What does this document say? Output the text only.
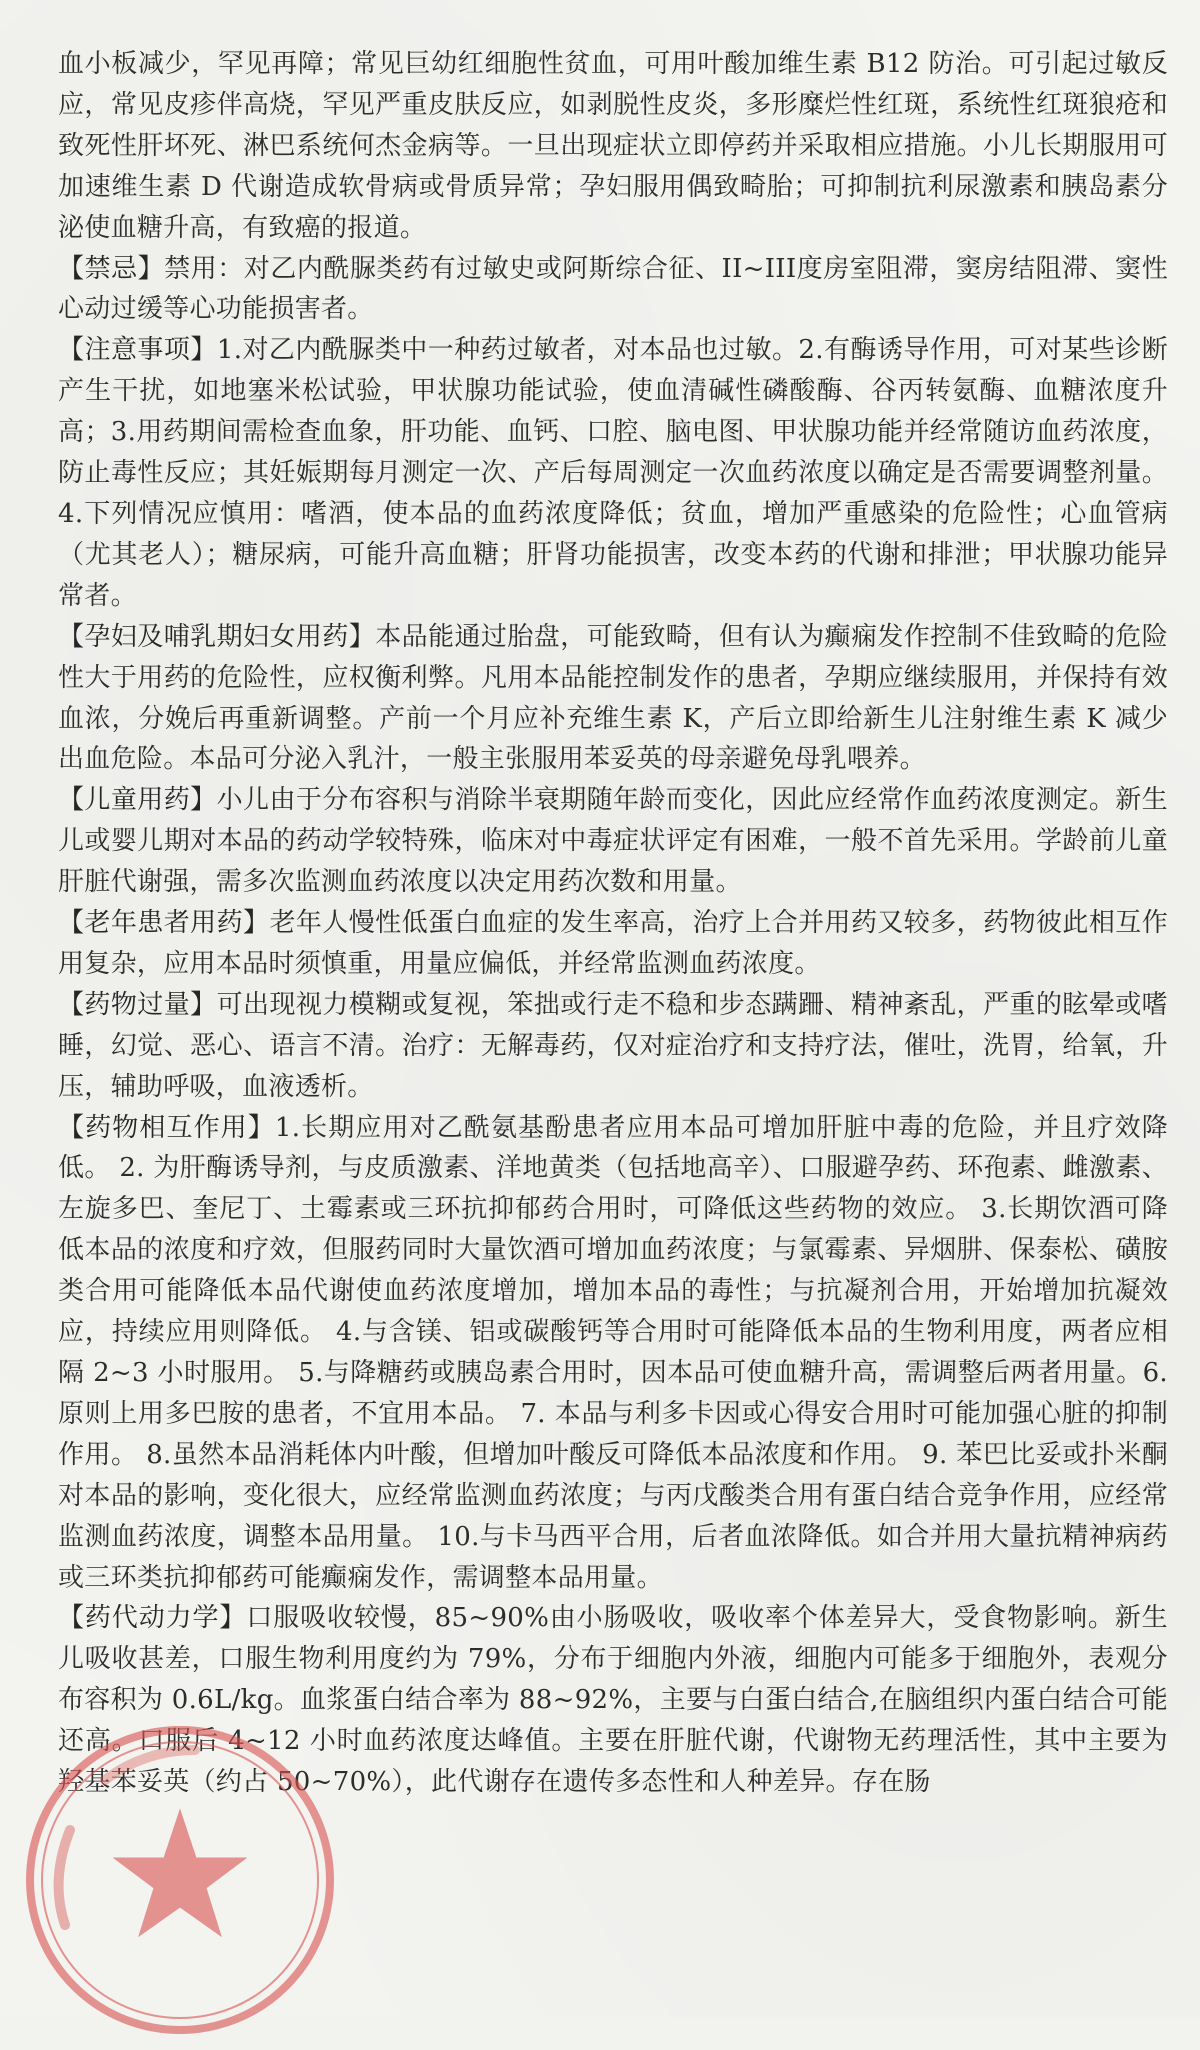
血小板减少，罕见再障；常见巨幼红细胞性贫血，可用叶酸加维生素 B12 防治。可引起过敏反应，常见皮疹伴高烧，罕见严重皮肤反应，如剥脱性皮炎，多形糜烂性红斑，系统性红斑狼疮和致死性肝坏死、淋巴系统何杰金病等。一旦出现症状立即停药并采取相应措施。小儿长期服用可加速维生素 D 代谢造成软骨病或骨质异常；孕妇服用偶致畸胎；可抑制抗利尿激素和胰岛素分泌使血糖升高，有致癌的报道。

【禁忌】禁用：对乙内酰脲类药有过敏史或阿斯综合征、II~III度房室阻滞，窦房结阻滞、窦性心动过缓等心功能损害者。

【注意事项】1.对乙内酰脲类中一种药过敏者，对本品也过敏。2.有酶诱导作用，可对某些诊断产生干扰，如地塞米松试验，甲状腺功能试验，使血清碱性磷酸酶、谷丙转氨酶、血糖浓度升高；3.用药期间需检查血象，肝功能、血钙、口腔、脑电图、甲状腺功能并经常随访血药浓度，防止毒性反应；其妊娠期每月测定一次、产后每周测定一次血药浓度以确定是否需要调整剂量。4.下列情况应慎用：嗜酒，使本品的血药浓度降低；贫血，增加严重感染的危险性；心血管病（尤其老人）；糖尿病，可能升高血糖；肝肾功能损害，改变本药的代谢和排泄；甲状腺功能异常者。

【孕妇及哺乳期妇女用药】本品能通过胎盘，可能致畸，但有认为癫痫发作控制不佳致畸的危险性大于用药的危险性，应权衡利弊。凡用本品能控制发作的患者，孕期应继续服用，并保持有效血浓，分娩后再重新调整。产前一个月应补充维生素 K，产后立即给新生儿注射维生素 K 减少出血危险。本品可分泌入乳汁，一般主张服用苯妥英的母亲避免母乳喂养。

【儿童用药】小儿由于分布容积与消除半衰期随年龄而变化，因此应经常作血药浓度测定。新生儿或婴儿期对本品的药动学较特殊，临床对中毒症状评定有困难，一般不首先采用。学龄前儿童肝脏代谢强，需多次监测血药浓度以决定用药次数和用量。

【老年患者用药】老年人慢性低蛋白血症的发生率高，治疗上合并用药又较多，药物彼此相互作用复杂，应用本品时须慎重，用量应偏低，并经常监测血药浓度。

【药物过量】可出现视力模糊或复视，笨拙或行走不稳和步态蹒跚、精神紊乱，严重的眩晕或嗜睡，幻觉、恶心、语言不清。治疗：无解毒药，仅对症治疗和支持疗法，催吐，洗胃，给氧，升压，辅助呼吸，血液透析。

【药物相互作用】1.长期应用对乙酰氨基酚患者应用本品可增加肝脏中毒的危险，并且疗效降低。 2. 为肝酶诱导剂，与皮质激素、洋地黄类（包括地高辛）、口服避孕药、环孢素、雌激素、左旋多巴、奎尼丁、土霉素或三环抗抑郁药合用时，可降低这些药物的效应。 3.长期饮酒可降低本品的浓度和疗效，但服药同时大量饮酒可增加血药浓度；与氯霉素、异烟肼、保泰松、磺胺类合用可能降低本品代谢使血药浓度增加，增加本品的毒性；与抗凝剂合用，开始增加抗凝效应，持续应用则降低。 4.与含镁、铝或碳酸钙等合用时可能降低本品的生物利用度，两者应相隔 2~3 小时服用。 5.与降糖药或胰岛素合用时，因本品可使血糖升高，需调整后两者用量。6.原则上用多巴胺的患者，不宜用本品。 7. 本品与利多卡因或心得安合用时可能加强心脏的抑制作用。 8.虽然本品消耗体内叶酸，但增加叶酸反可降低本品浓度和作用。 9. 苯巴比妥或扑米酮对本品的影响，变化很大，应经常监测血药浓度；与丙戊酸类合用有蛋白结合竞争作用，应经常监测血药浓度，调整本品用量。 10.与卡马西平合用，后者血浓降低。如合并用大量抗精神病药或三环类抗抑郁药可能癫痫发作，需调整本品用量。

【药代动力学】口服吸收较慢，85~90%由小肠吸收，吸收率个体差异大，受食物影响。新生儿吸收甚差，口服生物利用度约为 79%，分布于细胞内外液，细胞内可能多于细胞外，表观分布容积为 0.6L/kg。血浆蛋白结合率为 88~92%，主要与白蛋白结合,在脑组织内蛋白结合可能还高。口服后 4~12 小时血药浓度达峰值。主要在肝脏代谢，代谢物无药理活性，其中主要为羟基苯妥英（约占 50~70%），此代谢存在遗传多态性和人种差异。存在肠
